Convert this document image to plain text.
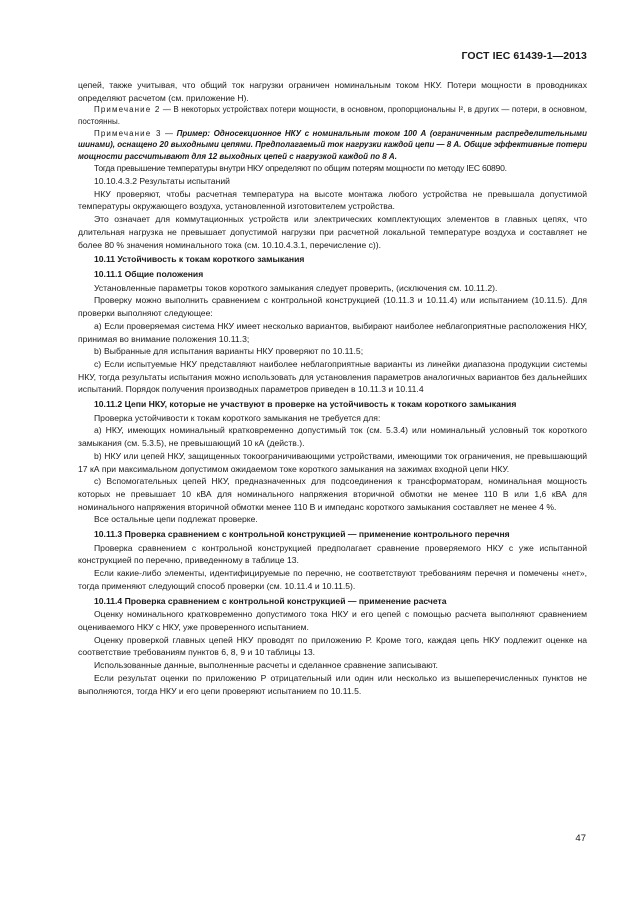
ГОСТ IEC 61439-1—2013

цепей, также учитывая, что общий ток нагрузки ограничен номинальным током НКУ. Потери мощности в проводниках определяют расчетом (см. приложение Н).

Примечание 2 — В некоторых устройствах потери мощности, в основном, пропорциональны I², в других — потери, в основном, постоянны.

Примечание 3 — Пример: Односекционное НКУ с номинальным током 100 А (ограниченным распределительными шинами), оснащено 20 выходными цепями. Предполагаемый ток нагрузки каждой цепи — 8 А. Общие эффективные потери мощности рассчитывают для 12 выходных цепей с нагрузкой каждой по 8 А.

Тогда превышение температуры внутри НКУ определяют по общим потерям мощности по методу IEC 60890.

10.10.4.3.2 Результаты испытаний

НКУ проверяют, чтобы расчетная температура на высоте монтажа любого устройства не превышала допустимой температуры окружающего воздуха, установленной изготовителем устройства.

Это означает для коммутационных устройств или электрических комплектующих элементов в главных цепях, что длительная нагрузка не превышает допустимой нагрузки при расчетной локальной температуре воздуха и составляет не более 80 % значения номинального тока (см. 10.10.4.3.1, перечисление с)).

10.11 Устойчивость к токам короткого замыкания

10.11.1 Общие положения

Установленные параметры токов короткого замыкания следует проверить, (исключения см. 10.11.2).

Проверку можно выполнить сравнением с контрольной конструкцией (10.11.3 и 10.11.4) или испытанием (10.11.5). Для проверки выполняют следующее:

а) Если проверяемая система НКУ имеет несколько вариантов, выбирают наиболее неблагоприятные расположения НКУ, принимая во внимание положения 10.11.3;

b) Выбранные для испытания варианты НКУ проверяют по 10.11.5;

с) Если испытуемые НКУ представляют наиболее неблагоприятные варианты из линейки диапазона продукции системы НКУ, тогда результаты испытания можно использовать для установления параметров аналогичных вариантов без дальнейших испытаний. Порядок получения производных параметров приведен в 10.11.3 и 10.11.4

10.11.2 Цепи НКУ, которые не участвуют в проверке на устойчивость к токам короткого замыкания

Проверка устойчивости к токам короткого замыкания не требуется для:

а) НКУ, имеющих номинальный кратковременно допустимый ток (см. 5.3.4) или номинальный условный ток короткого замыкания (см. 5.3.5), не превышающий 10 кА (действ.).

b) НКУ или цепей НКУ, защищенных токоограничивающими устройствами, имеющими ток ограничения, не превышающий 17 кА при максимальном допустимом ожидаемом токе короткого замыкания на зажимах входной цепи НКУ.

с) Вспомогательных цепей НКУ, предназначенных для подсоединения к трансформаторам, номинальная мощность которых не превышает 10 кВА для номинального напряжения вторичной обмотки не менее 110 В или 1,6 кВА для номинального напряжения вторичной обмотки менее 110 В и импеданс короткого замыкания составляет не менее 4 %.

Все остальные цепи подлежат проверке.

10.11.3 Проверка сравнением с контрольной конструкцией — применение контрольного перечня

Проверка сравнением с контрольной конструкцией предполагает сравнение проверяемого НКУ с уже испытанной конструкцией по перечню, приведенному в таблице 13.

Если какие-либо элементы, идентифицируемые по перечню, не соответствуют требованиям перечня и помечены «нет», тогда применяют следующий способ проверки (см. 10.11.4 и 10.11.5).

10.11.4 Проверка сравнением с контрольной конструкцией — применение расчета

Оценку номинального кратковременно допустимого тока НКУ и его цепей с помощью расчета выполняют сравнением оцениваемого НКУ с НКУ, уже проверенного испытанием.

Оценку проверкой главных цепей НКУ проводят по приложению Р. Кроме того, каждая цепь НКУ подлежит оценке на соответствие требованиям пунктов 6, 8, 9 и 10 таблицы 13.

Использованные данные, выполненные расчеты и сделанное сравнение записывают.

Если результат оценки по приложению Р отрицательный или один или несколько из вышеперечисленных пунктов не выполняются, тогда НКУ и его цепи проверяют испытанием по 10.11.5.

47
